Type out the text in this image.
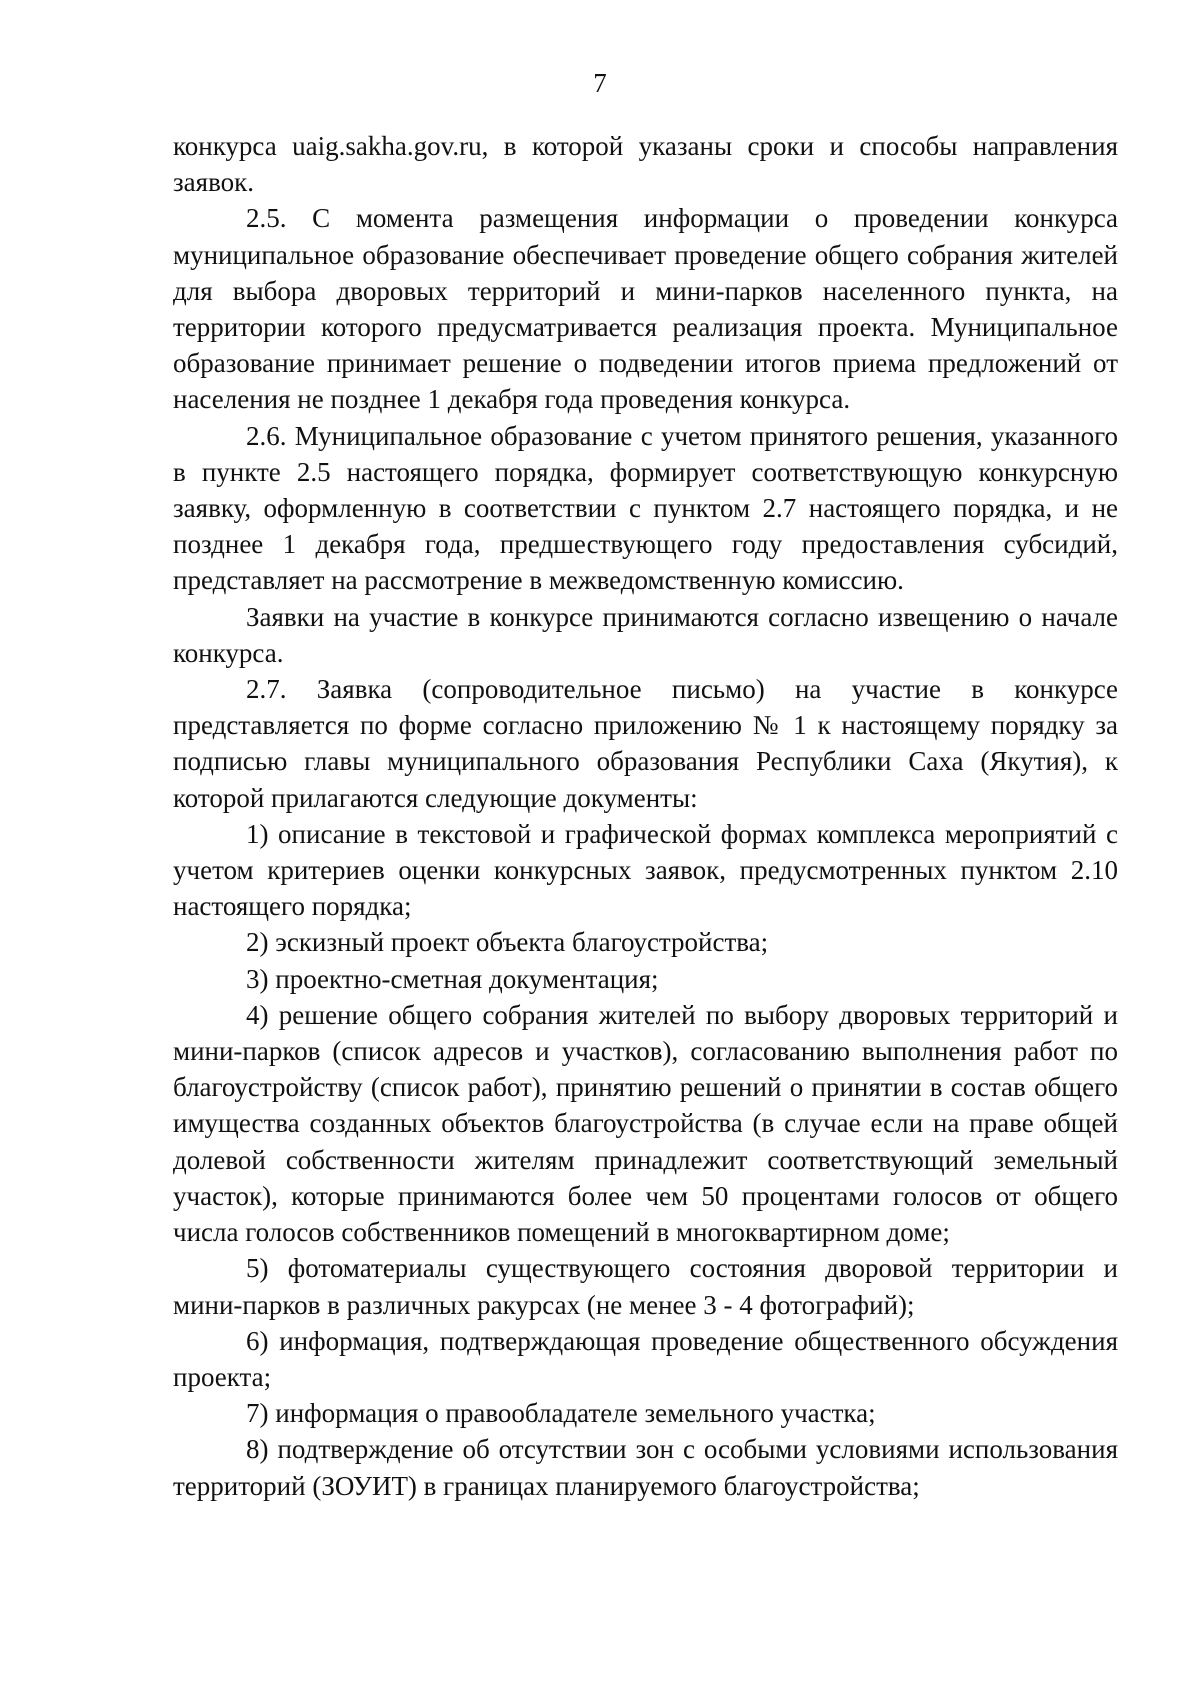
7

конкурса uaig.sakha.gov.ru, в которой указаны сроки и способы направления заявок.

2.5. С момента размещения информации о проведении конкурса муниципальное образование обеспечивает проведение общего собрания жителей для выбора дворовых территорий и мини-парков населенного пункта, на территории которого предусматривается реализация проекта. Муниципальное образование принимает решение о подведении итогов приема предложений от населения не позднее 1 декабря года проведения конкурса.

2.6. Муниципальное образование с учетом принятого решения, указанного в пункте 2.5 настоящего порядка, формирует соответствующую конкурсную заявку, оформленную в соответствии с пунктом 2.7 настоящего порядка, и не позднее 1 декабря года, предшествующего году предоставления субсидий, представляет на рассмотрение в межведомственную комиссию.

Заявки на участие в конкурсе принимаются согласно извещению о начале конкурса.

2.7. Заявка (сопроводительное письмо) на участие в конкурсе представляется по форме согласно приложению № 1 к настоящему порядку за подписью главы муниципального образования Республики Саха (Якутия), к которой прилагаются следующие документы:

1) описание в текстовой и графической формах комплекса мероприятий с учетом критериев оценки конкурсных заявок, предусмотренных пунктом 2.10 настоящего порядка;

2) эскизный проект объекта благоустройства;

3) проектно-сметная документация;

4) решение общего собрания жителей по выбору дворовых территорий и мини-парков (список адресов и участков), согласованию выполнения работ по благоустройству (список работ), принятию решений о принятии в состав общего имущества созданных объектов благоустройства (в случае если на праве общей долевой собственности жителям принадлежит соответствующий земельный участок), которые принимаются более чем 50 процентами голосов от общего числа голосов собственников помещений в многоквартирном доме;

5) фотоматериалы существующего состояния дворовой территории и мини-парков в различных ракурсах (не менее 3 - 4 фотографий);

6) информация, подтверждающая проведение общественного обсуждения проекта;

7) информация о правообладателе земельного участка;

8) подтверждение об отсутствии зон с особыми условиями использования территорий (ЗОУИТ) в границах планируемого благоустройства;
